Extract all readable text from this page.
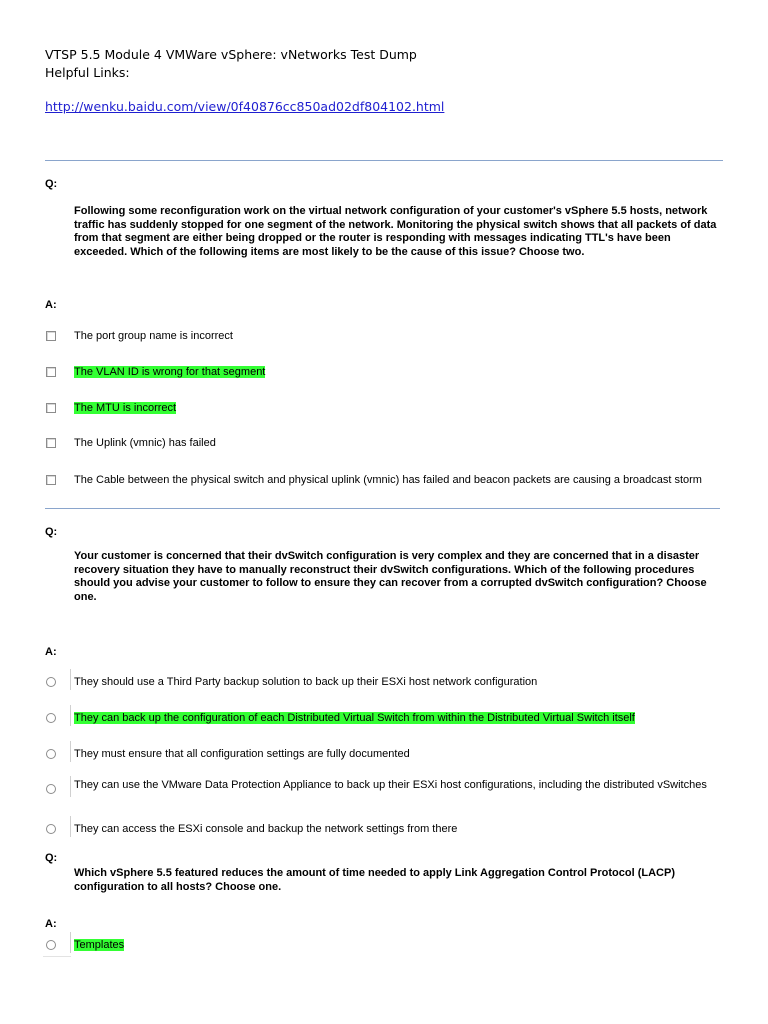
VTSP 5.5 Module 4 VMWare vSphere: vNetworks Test Dump
Helpful Links:
http://wenku.baidu.com/view/0f40876cc850ad02df804102.html
Q:
Following some reconfiguration work on the virtual network configuration of your customer's vSphere 5.5 hosts, network traffic has suddenly stopped for one segment of the network. Monitoring the physical switch shows that all packets of data from that segment are either being dropped or the router is responding with messages indicating TTL's have been exceeded. Which of the following items are most likely to be the cause of this issue? Choose two.
A:
The port group name is incorrect
The VLAN ID is wrong for that segment
The MTU is incorrect
The Uplink (vmnic) has failed
The Cable between the physical switch and physical uplink (vmnic) has failed and beacon packets are causing a broadcast storm
Q:
Your customer is concerned that their dvSwitch configuration is very complex and they are concerned that in a disaster recovery situation they have to manually reconstruct their dvSwitch configurations. Which of the following procedures should you advise your customer to follow to ensure they can recover from a corrupted dvSwitch configuration? Choose one.
A:
They should use a Third Party backup solution to back up their ESXi host network configuration
They can back up the configuration of each Distributed Virtual Switch from within the Distributed Virtual Switch itself
They must ensure that all configuration settings are fully documented
They can use the VMware Data Protection Appliance to back up their ESXi host configurations, including the distributed vSwitches
They can access the ESXi console and backup the network settings from there
Q:
Which vSphere 5.5 featured reduces the amount of time needed to apply Link Aggregation Control Protocol (LACP) configuration to all hosts? Choose one.
A:
Templates
